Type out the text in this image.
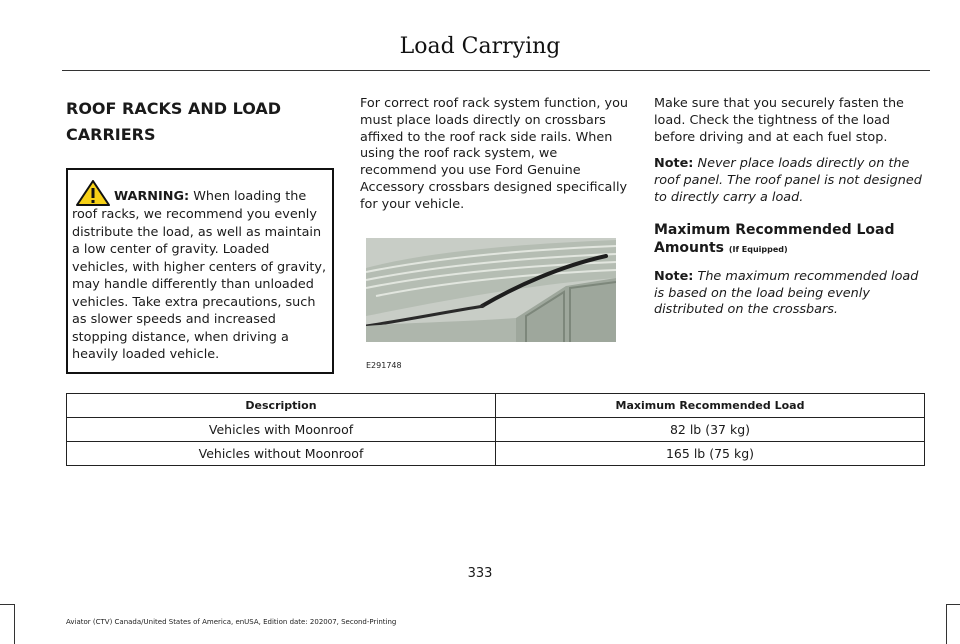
Load Carrying
ROOF RACKS AND LOAD CARRIERS
WARNING: When loading the roof racks, we recommend you evenly distribute the load, as well as maintain a low center of gravity. Loaded vehicles, with higher centers of gravity, may handle differently than unloaded vehicles. Take extra precautions, such as slower speeds and increased stopping distance, when driving a heavily loaded vehicle.

For correct roof rack system function, you must place loads directly on crossbars affixed to the roof rack side rails. When using the roof rack system, we recommend you use Ford Genuine Accessory crossbars designed specifically for your vehicle.

E291748

Make sure that you securely fasten the load. Check the tightness of the load before driving and at each fuel stop.

Note: Never place loads directly on the roof panel. The roof panel is not designed to directly carry a load.

Maximum Recommended Load Amounts (If Equipped)

Note: The maximum recommended load is based on the load being evenly distributed on the crossbars.

Description	Maximum Recommended Load
Vehicles with Moonroof	82 lb (37 kg)
Vehicles without Moonroof	165 lb (75 kg)
333
Aviator (CTV) Canada/United States of America, enUSA, Edition date: 202007, Second-Printing
